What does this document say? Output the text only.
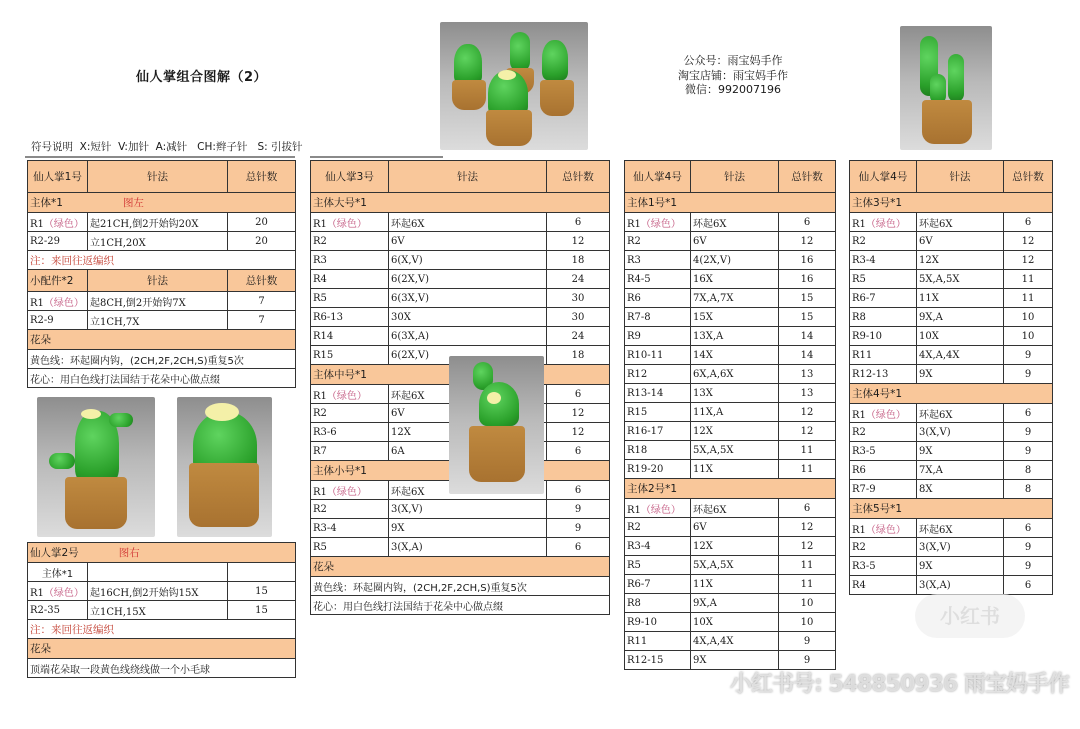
仙人掌组合图解（2）
符号说明  X:短针  V:加针  A:减针   CH:辫子针   S: 引拔针
公众号：雨宝妈手作
淘宝店铺：雨宝妈手作
微信：992007196
仙人掌1号	针法	总针数
主体*1 图左		
R1（绿色）	起21CH,倒2开始钩20X	20
R2-29	立1CH,20X	20
注：来回往返编织		
小配件*2	针法	总针数
R1（绿色）	起8CH,倒2开始钩7X	7
R2-9	立1CH,7X	7
花朵		
黄色线：环起圈内钩，(2CH,2F,2CH,S)重复5次		
花心：用白色线打法国结于花朵中心做点缀		
仙人掌2号 图右		
主体*1		
R1（绿色）	起16CH,倒2开始钩15X	15
R2-35	立1CH,15X	15
注：来回往返编织		
花朵		
顶端花朵取一段黄色线绕线做一个小毛球		
仙人掌3号	针法	总针数
主体大号*1		
R1（绿色）	环起6X	6
R2	6V	12
R3	6(X,V)	18
R4	6(2X,V)	24
R5	6(3X,V)	30
R6-13	30X	30
R14	6(3X,A)	24
R15	6(2X,V)	18
主体中号*1		
R1（绿色）	环起6X	6
R2	6V	12
R3-6	12X	12
R7	6A	6
主体小号*1		
R1（绿色）	环起6X	6
R2	3(X,V)	9
R3-4	9X	9
R5	3(X,A)	6
花朵		
黄色线：环起圈内钩，(2CH,2F,2CH,S)重复5次		
花心：用白色线打法国结于花朵中心做点缀		
仙人掌4号	针法	总针数
主体1号*1		
R1（绿色）	环起6X	6
R2	6V	12
R3	4(2X,V)	16
R4-5	16X	16
R6	7X,A,7X	15
R7-8	15X	15
R9	13X,A	14
R10-11	14X	14
R12	6X,A,6X	13
R13-14	13X	13
R15	11X,A	12
R16-17	12X	12
R18	5X,A,5X	11
R19-20	11X	11
主体2号*1		
R1（绿色）	环起6X	6
R2	6V	12
R3-4	12X	12
R5	5X,A,5X	11
R6-7	11X	11
R8	9X,A	10
R9-10	10X	10
R11	4X,A,4X	9
R12-15	9X	9
仙人掌4号	针法	总针数
主体3号*1		
R1（绿色）	环起6X	6
R2	6V	12
R3-4	12X	12
R5	5X,A,5X	11
R6-7	11X	11
R8	9X,A	10
R9-10	10X	10
R11	4X,A,4X	9
R12-13	9X	9
主体4号*1		
R1（绿色）	环起6X	6
R2	3(X,V)	9
R3-5	9X	9
R6	7X,A	8
R7-9	8X	8
主体5号*1		
R1（绿色）	环起6X	6
R2	3(X,V)	9
R3-5	9X	9
R4	3(X,A)	6
小红书
小红书号: 548850936 雨宝妈手作
